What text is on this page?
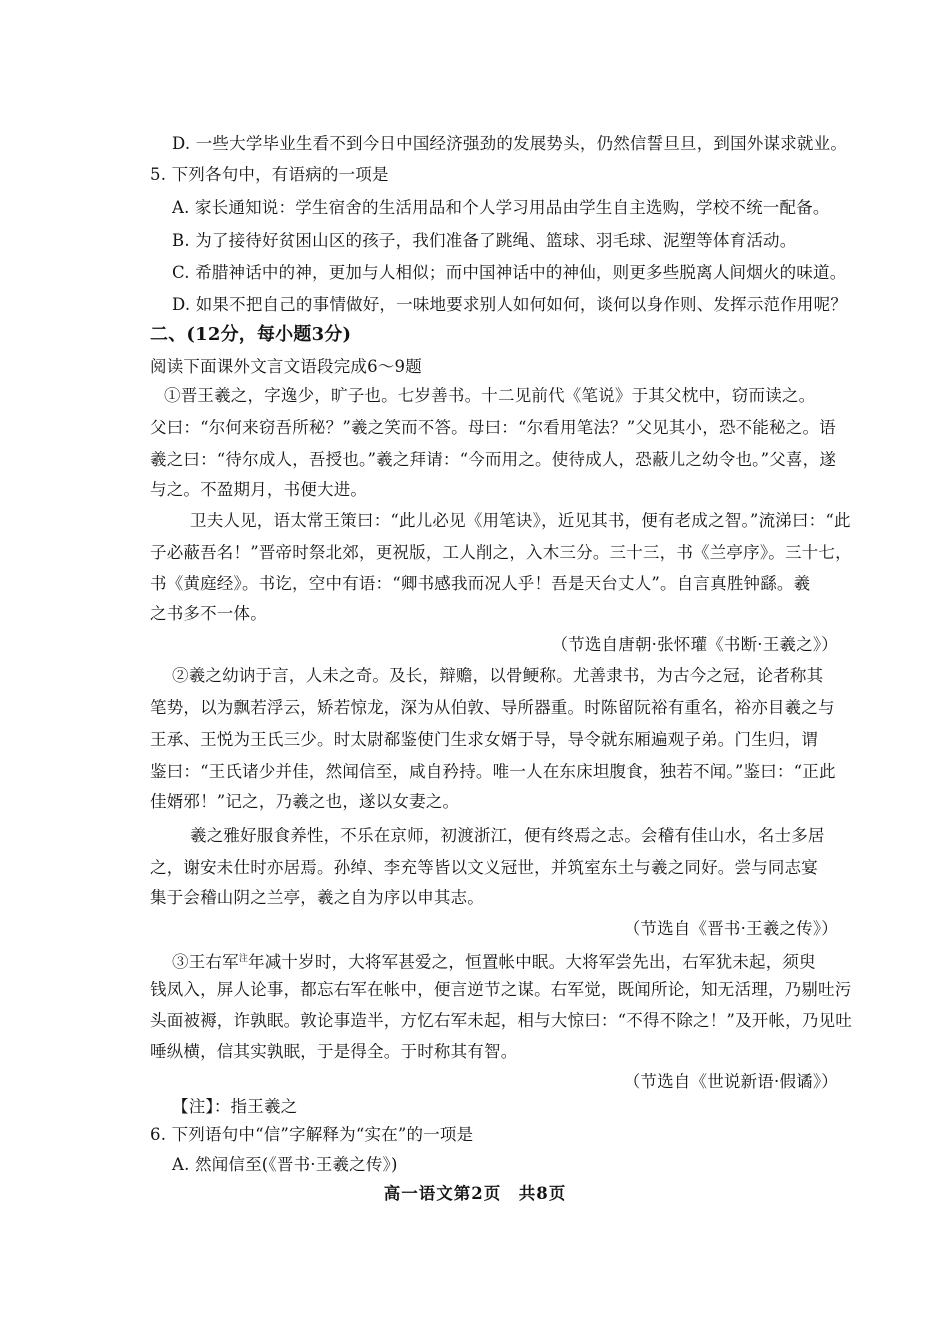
D. 一些大学毕业生看不到今日中国经济强劲的发展势头，仍然信誓旦旦，到国外谋求就业。
5. 下列各句中，有语病的一项是
A. 家长通知说：学生宿舍的生活用品和个人学习用品由学生自主选购，学校不统一配备。
B. 为了接待好贫困山区的孩子，我们准备了跳绳、篮球、羽毛球、泥塑等体育活动。
C. 希腊神话中的神，更加与人相似；而中国神话中的神仙，则更多些脱离人间烟火的味道。
D. 如果不把自己的事情做好，一味地要求别人如何如何，谈何以身作则、发挥示范作用呢？
二、(12分，每小题3分)
阅读下面课外文言文语段完成6～9题
①晋王羲之，字逸少，旷子也。七岁善书。十二见前代《笔说》于其父枕中，窃而读之。
父曰：“尔何来窃吾所秘？”羲之笑而不答。母曰：“尔看用笔法？”父见其小，恐不能秘之。语
羲之曰：“待尔成人，吾授也。”羲之拜请：“今而用之。使待成人，恐蔽儿之幼令也。”父喜，遂
与之。不盈期月，书便大进。
卫夫人见，语太常王策曰：“此儿必见《用笔诀》，近见其书，便有老成之智。”流涕曰：“此
子必蔽吾名！”晋帝时祭北郊，更祝版，工人削之，入木三分。三十三，书《兰亭序》。三十七，
书《黄庭经》。书讫，空中有语：“卿书感我而况人乎！吾是天台丈人”。自言真胜钟繇。羲
之书多不一体。
（节选自唐朝·张怀瓘《书断·王羲之》）
②羲之幼讷于言，人未之奇。及长，辩赡，以骨鲠称。尤善隶书，为古今之冠，论者称其
笔势，以为飘若浮云，矫若惊龙，深为从伯敦、导所器重。时陈留阮裕有重名，裕亦目羲之与
王承、王悦为王氏三少。时太尉郗鉴使门生求女婿于导，导令就东厢遍观子弟。门生归，谓
鉴曰：“王氏诸少并佳，然闻信至，咸自矜持。唯一人在东床坦腹食，独若不闻。”鉴曰：“正此
佳婿邪！”记之，乃羲之也，遂以女妻之。
羲之雅好服食养性，不乐在京师，初渡浙江，便有终焉之志。会稽有佳山水，名士多居
之，谢安未仕时亦居焉。孙绰、李充等皆以文义冠世，并筑室东土与羲之同好。尝与同志宴
集于会稽山阴之兰亭，羲之自为序以申其志。
（节选自《晋书·王羲之传》）
③王右军$^注$年减十岁时，大将军甚爱之，恒置帐中眠。大将军尝先出，右军犹未起，须臾
钱凤入，屏人论事，都忘右军在帐中，便言逆节之谋。右军觉，既闻所论，知无活理，乃剔吐污
头面被褥，诈孰眠。敦论事造半，方忆右军未起，相与大惊曰：“不得不除之！”及开帐，乃见吐
唾纵横，信其实孰眠，于是得全。于时称其有智。
（节选自《世说新语·假谲》）
【注】：指王羲之
6. 下列语句中“信”字解释为“实在”的一项是
A. 然闻信至(《晋书·王羲之传》)
高一语文第2页　共8页
